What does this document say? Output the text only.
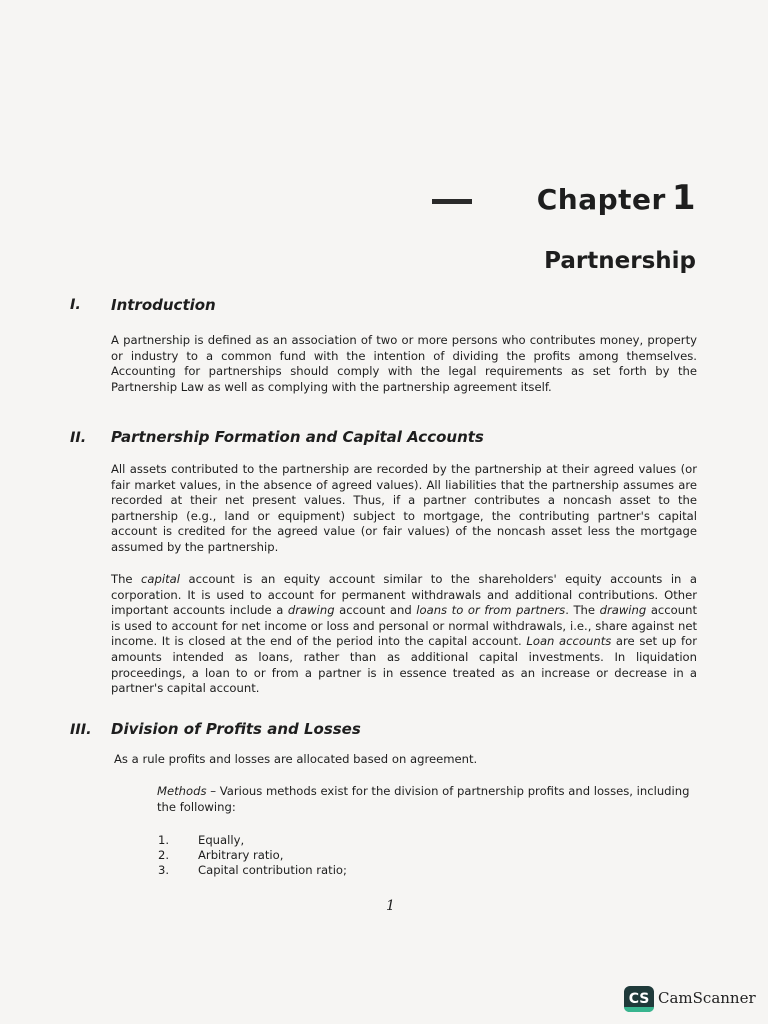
Chapter 1
Partnership
I. Introduction

A partnership is defined as an association of two or more persons who contributes money, property or industry to a common fund with the intention of dividing the profits among themselves. Accounting for partnerships should comply with the legal requirements as set forth by the Partnership Law as well as complying with the partnership agreement itself.

II. Partnership Formation and Capital Accounts

All assets contributed to the partnership are recorded by the partnership at their agreed values (or fair market values, in the absence of agreed values). All liabilities that the partnership assumes are recorded at their net present values. Thus, if a partner contributes a noncash asset to the partnership (e.g., land or equipment) subject to mortgage, the contributing partner's capital account is credited for the agreed value (or fair values) of the noncash asset less the mortgage assumed by the partnership.

The capital account is an equity account similar to the shareholders' equity accounts in a corporation. It is used to account for permanent withdrawals and additional contributions. Other important accounts include a drawing account and loans to or from partners. The drawing account is used to account for net income or loss and personal or normal withdrawals, i.e., share against net income. It is closed at the end of the period into the capital account. Loan accounts are set up for amounts intended as loans, rather than as additional capital investments. In liquidation proceedings, a loan to or from a partner is in essence treated as an increase or decrease in a partner's capital account.

III. Division of Profits and Losses

As a rule profits and losses are allocated based on agreement.

Methods – Various methods exist for the division of partnership profits and losses, including the following:

1.	Equally,
2.	Arbitrary ratio,
3.	Capital contribution ratio;
1
CS CamScanner
